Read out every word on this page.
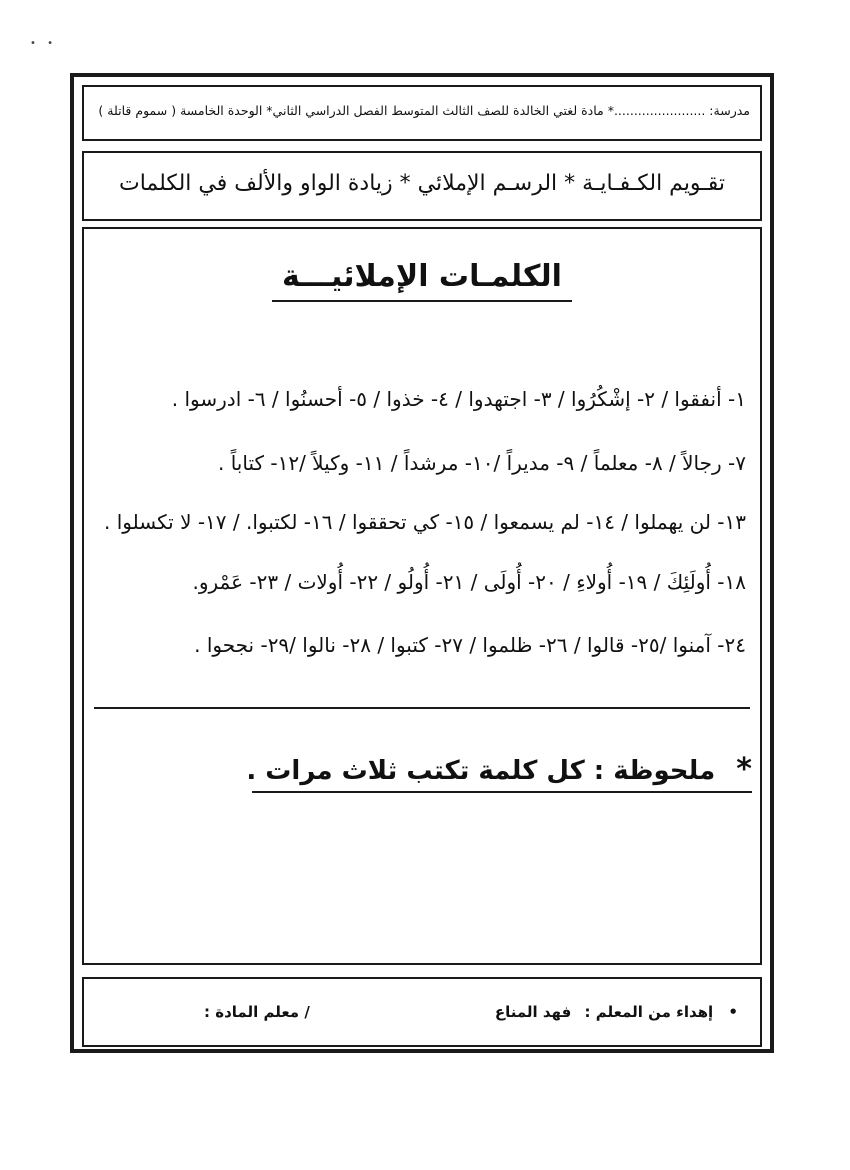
• •
مدرسة: .......................* مادة لغتي الخالدة للصف الثالث المتوسط الفصل الدراسي الثاني* الوحدة الخامسة ( سموم قاتلة )
تقـويم الكـفـايـة * الرسـم الإملائي * زيادة الواو والألف في الكلمات
الكلمـات الإملائيـــة
١- أنفقوا / ٢- إشْكُرُوا / ٣- اجتهدوا / ٤- خذوا / ٥- أحسنُوا / ٦- ادرسوا .
٧- رجالاً / ٨- معلماً / ٩- مديراً /١٠- مرشداً / ١١- وكيلاً /١٢- كتاباً .
١٣- لن يهملوا / ١٤- لم يسمعوا / ١٥- كي تحققوا / ١٦- لكتبوا. / ١٧- لا تكسلوا .
١٨- أُولَئِكَ / ١٩- أُولاءِ / ٢٠- أُولَى / ٢١- أُولُو / ٢٢- أُولات / ٢٣- عَمْرو.
٢٤- آمنوا /٢٥- قالوا / ٢٦- ظلموا / ٢٧- كتبوا / ٢٨- نالوا /٢٩- نجحوا .
* ملحوظة : كل كلمة تكتب ثلاث مرات .
• إهداء من المعلم : فهد المناع
/ معلم المادة :
